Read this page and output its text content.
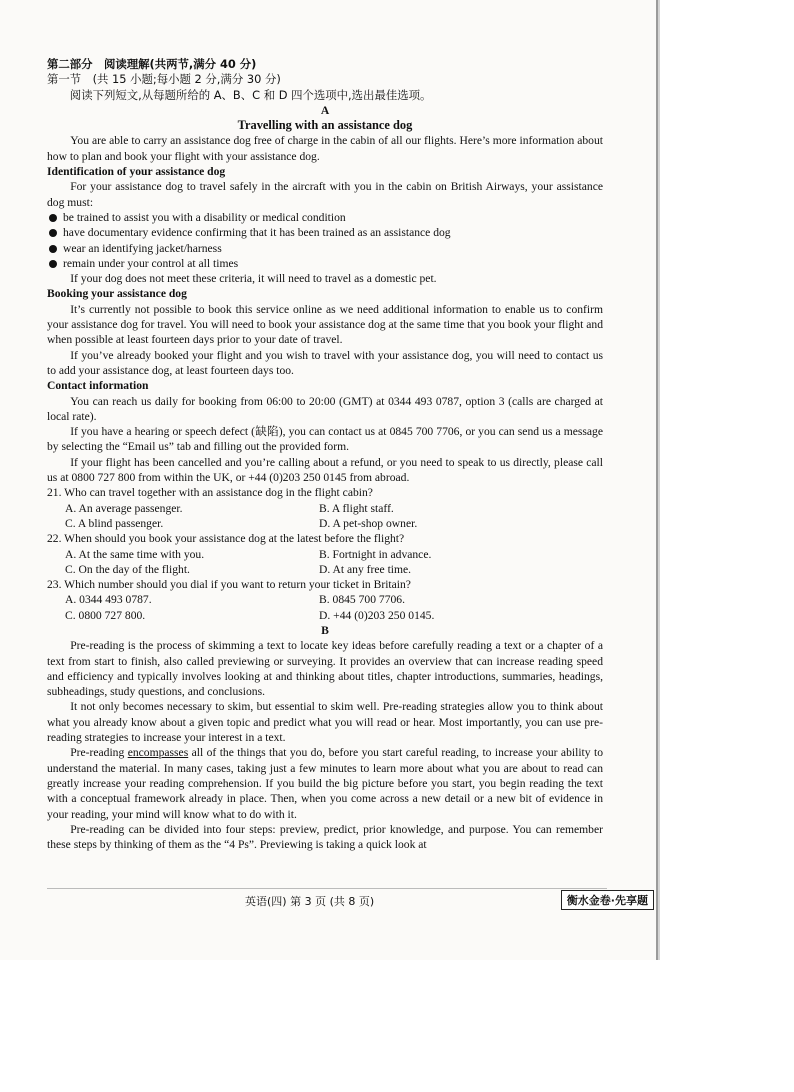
第二部分　阅读理解(共两节,满分 40 分)

第一节　(共 15 小题;每小题 2 分,满分 30 分)

阅读下列短文,从每题所给的 A、B、C 和 D 四个选项中,选出最佳选项。

A

Travelling with an assistance dog

You are able to carry an assistance dog free of charge in the cabin of all our flights. Here’s more information about how to plan and book your flight with your assistance dog.

Identification of your assistance dog

For your assistance dog to travel safely in the aircraft with you in the cabin on British Airways, your assistance dog must:

be trained to assist you with a disability or medical condition

have documentary evidence confirming that it has been trained as an assistance dog

wear an identifying jacket/harness

remain under your control at all times

If your dog does not meet these criteria, it will need to travel as a domestic pet.

Booking your assistance dog

It’s currently not possible to book this service online as we need additional information to enable us to confirm your assistance dog for travel. You will need to book your assistance dog at the same time that you book your flight and when possible at least fourteen days prior to your date of travel.

If you’ve already booked your flight and you wish to travel with your assistance dog, you will need to contact us to add your assistance dog, at least fourteen days too.

Contact information

You can reach us daily for booking from 06:00 to 20:00 (GMT) at 0344 493 0787, option 3 (calls are charged at local rate).

If you have a hearing or speech defect (缺陷), you can contact us at 0845 700 7706, or you can send us a message by selecting the “Email us” tab and filling out the provided form.

If your flight has been cancelled and you’re calling about a refund, or you need to speak to us directly, please call us at 0800 727 800 from within the UK, or +44 (0)203 250 0145 from abroad.

21. Who can travel together with an assistance dog in the flight cabin?

A. An average passenger.	B. A flight staff.
C. A blind passenger.	D. A pet-shop owner.

22. When should you book your assistance dog at the latest before the flight?

A. At the same time with you.	B. Fortnight in advance.
C. On the day of the flight.	D. At any free time.

23. Which number should you dial if you want to return your ticket in Britain?

A. 0344 493 0787.	B. 0845 700 7706.
C. 0800 727 800.	D. +44 (0)203 250 0145.

B

Pre-reading is the process of skimming a text to locate key ideas before carefully reading a text or a chapter of a text from start to finish, also called previewing or surveying. It provides an overview that can increase reading speed and efficiency and typically involves looking at and thinking about titles, chapter introductions, summaries, headings, subheadings, study questions, and conclusions.

It not only becomes necessary to skim, but essential to skim well. Pre-reading strategies allow you to think about what you already know about a given topic and predict what you will read or hear. Most importantly, you can use pre-reading strategies to increase your interest in a text.

Pre-reading encompasses all of the things that you do, before you start careful reading, to increase your ability to understand the material. In many cases, taking just a few minutes to learn more about what you are about to read can greatly increase your reading comprehension. If you build the big picture before you start, you begin reading the text with a conceptual framework already in place. Then, when you come across a new detail or a new bit of evidence in your reading, your mind will know what to do with it.

Pre-reading can be divided into four steps: preview, predict, prior knowledge, and purpose. You can remember these steps by thinking of them as the “4 Ps”. Previewing is taking a quick look at

英语(四) 第 3 页 (共 8 页)	衡水金卷·先享题
